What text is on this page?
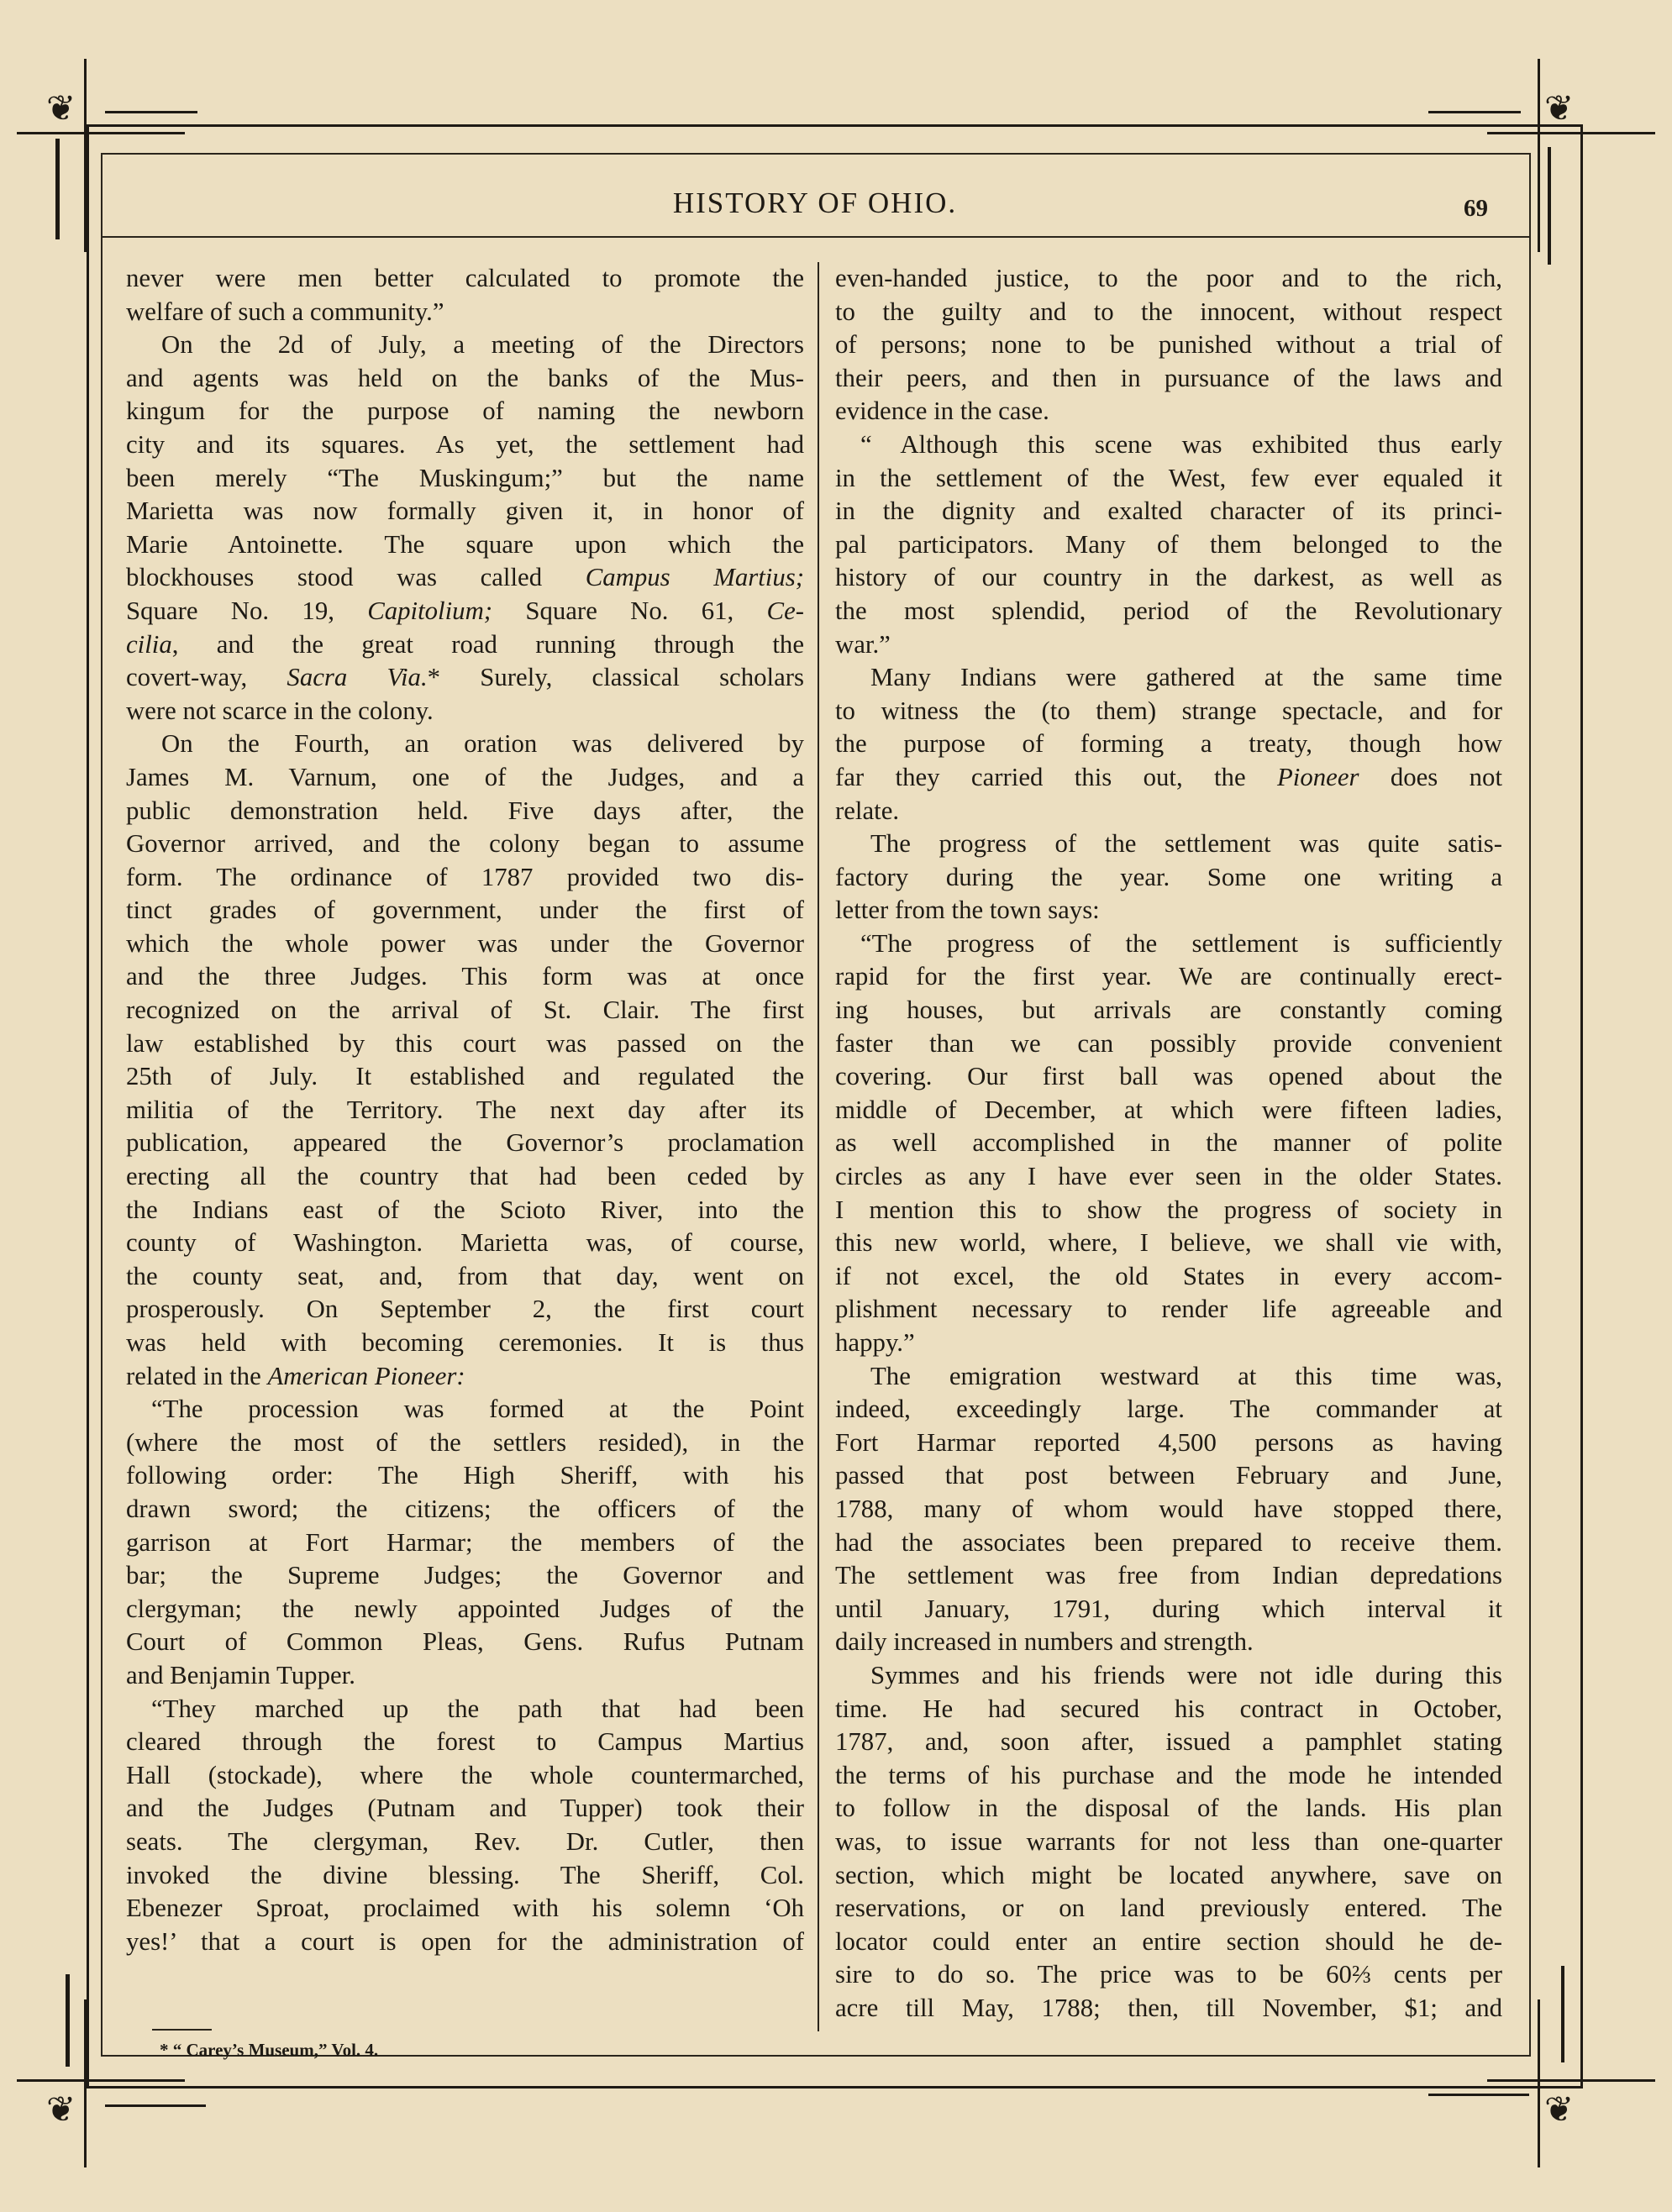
❦	❦
❦	❦
HISTORY OF OHIO.	69
never were men better calculated to promote the
welfare of such a community.”
On the 2d of July, a meeting of the Directors
and agents was held on the banks of the Mus-
kingum for the purpose of naming the newborn
city and its squares. As yet, the settlement had
been merely “The Muskingum;” but the name
Marietta was now formally given it, in honor of
Marie Antoinette. The square upon which the
blockhouses stood was called Campus Martius;
Square No. 19, Capitolium; Square No. 61, Ce-
cilia, and the great road running through the
covert-way, Sacra Via.* Surely, classical scholars
were not scarce in the colony.
On the Fourth, an oration was delivered by
James M. Varnum, one of the Judges, and a
public demonstration held. Five days after, the
Governor arrived, and the colony began to assume
form. The ordinance of 1787 provided two dis-
tinct grades of government, under the first of
which the whole power was under the Governor
and the three Judges. This form was at once
recognized on the arrival of St. Clair. The first
law established by this court was passed on the
25th of July. It established and regulated the
militia of the Territory. The next day after its
publication, appeared the Governor’s proclamation
erecting all the country that had been ceded by
the Indians east of the Scioto River, into the
county of Washington. Marietta was, of course,
the county seat, and, from that day, went on
prosperously. On September 2, the first court
was held with becoming ceremonies. It is thus
related in the American Pioneer:
“The procession was formed at the Point
(where the most of the settlers resided), in the
following order: The High Sheriff, with his
drawn sword; the citizens; the officers of the
garrison at Fort Harmar; the members of the
bar; the Supreme Judges; the Governor and
clergyman; the newly appointed Judges of the
Court of Common Pleas, Gens. Rufus Putnam
and Benjamin Tupper.
“They marched up the path that had been
cleared through the forest to Campus Martius
Hall (stockade), where the whole countermarched,
and the Judges (Putnam and Tupper) took their
seats. The clergyman, Rev. Dr. Cutler, then
invoked the divine blessing. The Sheriff, Col.
Ebenezer Sproat, proclaimed with his solemn ‘Oh
yes!’ that a court is open for the administration of
even-handed justice, to the poor and to the rich,
to the guilty and to the innocent, without respect
of persons; none to be punished without a trial of
their peers, and then in pursuance of the laws and
evidence in the case.
“ Although this scene was exhibited thus early
in the settlement of the West, few ever equaled it
in the dignity and exalted character of its princi-
pal participators. Many of them belonged to the
history of our country in the darkest, as well as
the most splendid, period of the Revolutionary
war.”
Many Indians were gathered at the same time
to witness the (to them) strange spectacle, and for
the purpose of forming a treaty, though how
far they carried this out, the Pioneer does not
relate.
The progress of the settlement was quite satis-
factory during the year. Some one writing a
letter from the town says:
“The progress of the settlement is sufficiently
rapid for the first year. We are continually erect-
ing houses, but arrivals are constantly coming
faster than we can possibly provide convenient
covering. Our first ball was opened about the
middle of December, at which were fifteen ladies,
as well accomplished in the manner of polite
circles as any I have ever seen in the older States.
I mention this to show the progress of society in
this new world, where, I believe, we shall vie with,
if not excel, the old States in every accom-
plishment necessary to render life agreeable and
happy.”
The emigration westward at this time was,
indeed, exceedingly large. The commander at
Fort Harmar reported 4,500 persons as having
passed that post between February and June,
1788, many of whom would have stopped there,
had the associates been prepared to receive them.
The settlement was free from Indian depredations
until January, 1791, during which interval it
daily increased in numbers and strength.
Symmes and his friends were not idle during this
time. He had secured his contract in October,
1787, and, soon after, issued a pamphlet stating
the terms of his purchase and the mode he intended
to follow in the disposal of the lands. His plan
was, to issue warrants for not less than one-quarter
section, which might be located anywhere, save on
reservations, or on land previously entered. The
locator could enter an entire section should he de-
sire to do so. The price was to be 60⅔ cents per
acre till May, 1788; then, till November, $1; and
* “ Carey’s Museum,” Vol. 4.
